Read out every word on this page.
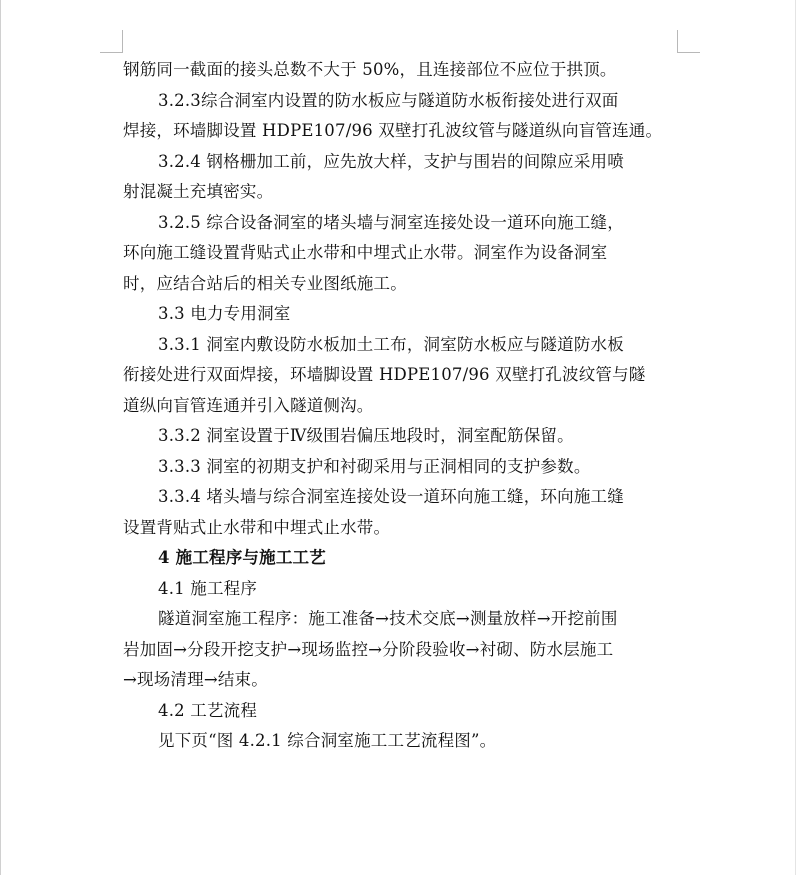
钢筋同一截面的接头总数不大于 50%，且连接部位不应位于拱顶。
3.2.3综合洞室内设置的防水板应与隧道防水板衔接处进行双面
焊接，环墙脚设置 HDPE107/96 双壁打孔波纹管与隧道纵向盲管连通。
3.2.4 钢格栅加工前，应先放大样，支护与围岩的间隙应采用喷
射混凝土充填密实。
3.2.5 综合设备洞室的堵头墙与洞室连接处设一道环向施工缝，
环向施工缝设置背贴式止水带和中埋式止水带。洞室作为设备洞室
时，应结合站后的相关专业图纸施工。
3.3 电力专用洞室
3.3.1 洞室内敷设防水板加土工布，洞室防水板应与隧道防水板
衔接处进行双面焊接，环墙脚设置 HDPE107/96 双壁打孔波纹管与隧
道纵向盲管连通并引入隧道侧沟。
3.3.2 洞室设置于Ⅳ级围岩偏压地段时，洞室配筋保留。
3.3.3 洞室的初期支护和衬砌采用与正洞相同的支护参数。
3.3.4 堵头墙与综合洞室连接处设一道环向施工缝，环向施工缝
设置背贴式止水带和中埋式止水带。
4 施工程序与施工工艺
4.1 施工程序
隧道洞室施工程序：施工准备→技术交底→测量放样→开挖前围
岩加固→分段开挖支护→现场监控→分阶段验收→衬砌、防水层施工
→现场清理→结束。
4.2 工艺流程
见下页“图 4.2.1 综合洞室施工工艺流程图”。
